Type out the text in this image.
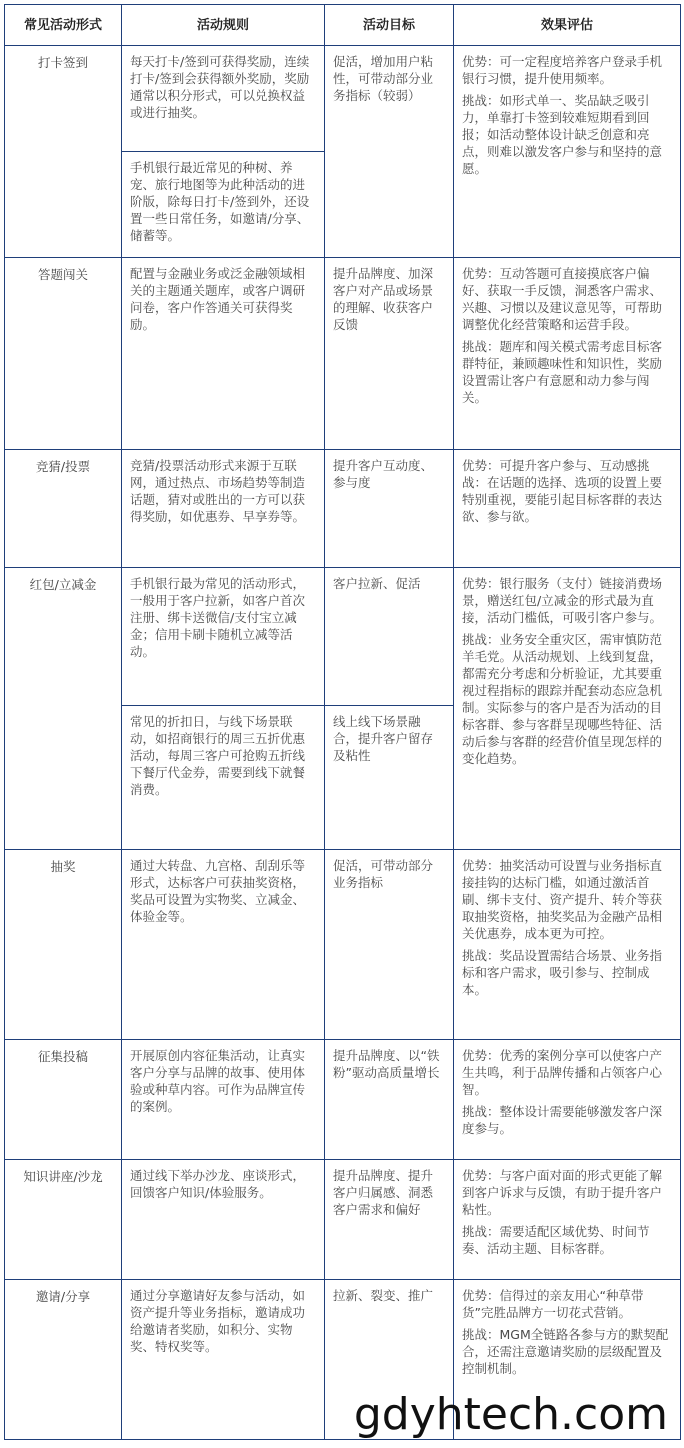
常见活动形式	活动规则	活动目标	效果评估
打卡签到	每天打卡/签到可获得奖励，连续打卡/签到会获得额外奖励，奖励通常以积分形式，可以兑换权益或进行抽奖。	促活，增加用户粘性，可带动部分业务指标（较弱）	优势：可一定程度培养客户登录手机银行习惯，提升使用频率。

挑战：如形式单一、奖品缺乏吸引力，单靠打卡签到较难短期看到回报；如活动整体设计缺乏创意和亮点，则难以激发客户参与和坚持的意愿。

	手机银行最近常见的种树、养宠、旅行地图等为此种活动的进阶版，除每日打卡/签到外，还设置一些日常任务，如邀请/分享、储蓄等。		
答题闯关	配置与金融业务或泛金融领域相关的主题通关题库，或客户调研问卷，客户作答通关可获得奖励。	提升品牌度、加深客户对产品或场景的理解、收获客户反馈	优势：互动答题可直接摸底客户偏好、获取一手反馈，洞悉客户需求、兴趣、习惯以及建议意见等，可帮助调整优化经营策略和运营手段。

挑战：题库和闯关模式需考虑目标客群特征，兼顾趣味性和知识性，奖励设置需让客户有意愿和动力参与闯关。

竞猜/投票	竞猜/投票活动形式来源于互联网，通过热点、市场趋势等制造话题，猜对或胜出的一方可以获得奖励，如优惠券、早享券等。	提升客户互动度、参与度	优势：可提升客户参与、互动感挑战：在话题的选择、选项的设置上要特别重视，要能引起目标客群的表达欲、参与欲。

红包/立减金	手机银行最为常见的活动形式，一般用于客户拉新，如客户首次注册、绑卡送微信/支付宝立减金；信用卡刷卡随机立减等活动。	客户拉新、促活	优势：银行服务（支付）链接消费场景，赠送红包/立减金的形式最为直接，活动门槛低，可吸引客户参与。

挑战：业务安全重灾区，需审慎防范羊毛党。从活动规划、上线到复盘，都需充分考虑和分析验证，尤其要重视过程指标的跟踪并配套动态应急机制。实际参与的客户是否为活动的目标客群、参与客群呈现哪些特征、活动后参与客群的经营价值呈现怎样的变化趋势。

	常见的折扣日，与线下场景联动，如招商银行的周三五折优惠活动，每周三客户可抢购五折线下餐厅代金券，需要到线下就餐消费。	线上线下场景融合，提升客户留存及粘性	
抽奖	通过大转盘、九宫格、刮刮乐等形式，达标客户可获抽奖资格，奖品可设置为实物奖、立减金、体验金等。	促活，可带动部分业务指标	优势：抽奖活动可设置与业务指标直接挂钩的达标门槛，如通过激活首刷、绑卡支付、资产提升、转介等获取抽奖资格，抽奖奖品为金融产品相关优惠券，成本更为可控。

挑战：奖品设置需结合场景、业务指标和客户需求，吸引参与、控制成本。

征集投稿	开展原创内容征集活动，让真实客户分享与品牌的故事、使用体验或种草内容。可作为品牌宣传的案例。	提升品牌度、以“铁粉”驱动高质量增长	优势：优秀的案例分享可以使客户产生共鸣，利于品牌传播和占领客户心智。

挑战：整体设计需要能够激发客户深度参与。

知识讲座/沙龙	通过线下举办沙龙、座谈形式，回馈客户知识/体验服务。	提升品牌度、提升客户归属感、洞悉客户需求和偏好	优势：与客户面对面的形式更能了解到客户诉求与反馈，有助于提升客户粘性。

挑战：需要适配区域优势、时间节奏、活动主题、目标客群。

邀请/分享	通过分享邀请好友参与活动，如资产提升等业务指标，邀请成功给邀请者奖励，如积分、实物奖、特权奖等。	拉新、裂变、推广	优势：信得过的亲友用心“种草带货”完胜品牌方一切花式营销。

挑战：MGM全链路各参与方的默契配合，还需注意邀请奖励的层级配置及控制机制。

gdyhtech.com
